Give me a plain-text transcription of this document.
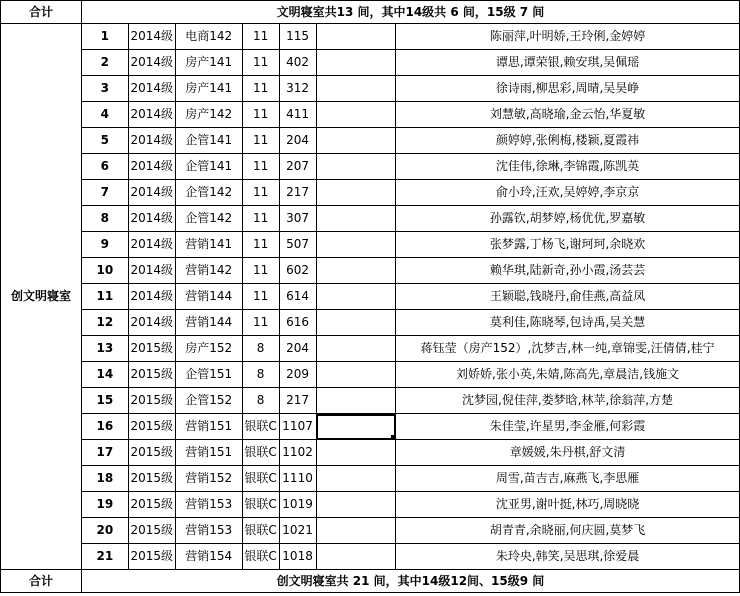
合计	文明寝室共13 间，其中14级共 6 间，15级 7 间						
创文明寝室	1	2014级	电商142	11	115		陈丽萍,叶明娇,王玲俐,金婷婷
	2	2014级	房产141	11	402		谭思,谭荣银,赖安琪,吴佩瑶
	3	2014级	房产141	11	312		徐诗雨,柳思彩,周晴,吴昊峥
	4	2014级	房产142	11	411		刘慧敏,高晓瑜,金云怡,华夏敏
	5	2014级	企管141	11	204		颜婷婷,张俐梅,楼颖,夏霞祎
	6	2014级	企管141	11	207		沈佳伟,徐琳,李锦霞,陈凯英
	7	2014级	企管142	11	217		俞小玲,汪欢,吴婷婷,李京京
	8	2014级	企管142	11	307		孙露钦,胡梦婷,杨优优,罗嘉敏
	9	2014级	营销141	11	507		张梦露,丁杨飞,谢珂珂,余晓欢
	10	2014级	营销142	11	602		赖华琪,陆新奇,孙小霞,汤芸芸
	11	2014级	营销144	11	614		王颖聪,钱晓丹,俞佳燕,高益凤
	12	2014级	营销144	11	616		莫利佳,陈晓琴,包诗禹,吴关慧
	13	2015级	房产152	8	204		蒋钰莹（房产152）,沈梦吉,林一纯,章锦雯,汪倩倩,桂宁
	14	2015级	企管151	8	209		刘娇娇,张小英,朱婧,陈高先,章晨洁,钱施文
	15	2015级	企管152	8	217		沈梦园,倪佳萍,娄梦晗,林苹,徐翁萍,方楚
	16	2015级	营销151	银联C	1107		朱佳莹,许星男,李金雁,何彩霞
	17	2015级	营销151	银联C	1102		章媛媛,朱丹棋,舒文清
	18	2015级	营销152	银联C	1110		周雪,苗吉吉,麻燕飞,李思雁
	19	2015级	营销153	银联C	1019		沈亚男,谢叶挺,林巧,周晓晓
	20	2015级	营销153	银联C	1021		胡青青,余晓丽,何庆圆,莫梦飞
	21	2015级	营销154	银联C	1018		朱玲央,韩笑,吴思琪,徐爱晨
合计	创文明寝室共 21 间，其中14级12间、15级9 间						
